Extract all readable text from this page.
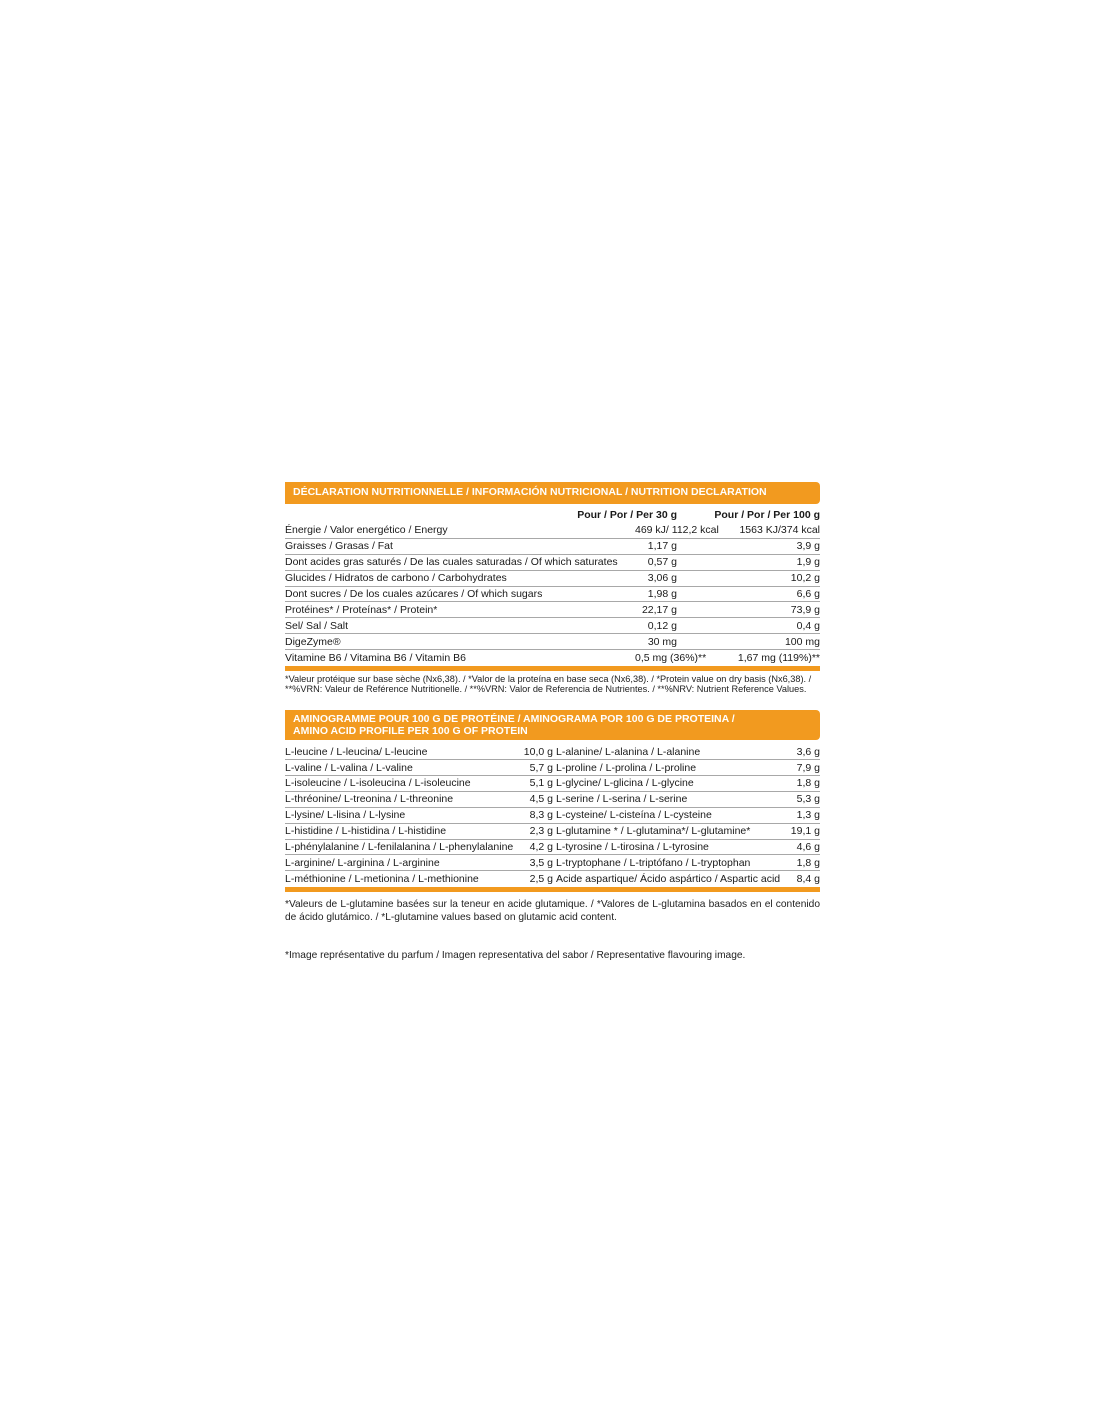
DÉCLARATION NUTRITIONNELLE / INFORMACIÓN NUTRICIONAL / NUTRITION DECLARATION
	Pour / Por / Per 30 g	Pour / Por / Per 100 g
Énergie / Valor energético / Energy	469 kJ/ 112,2 kcal	1563 KJ/374 kcal
Graisses / Grasas / Fat	1,17 g	3,9 g
Dont acides gras saturés / De las cuales saturadas / Of which saturates	0,57 g	1,9 g
Glucides / Hidratos de carbono / Carbohydrates	3,06 g	10,2 g
Dont sucres / De los cuales azúcares / Of which sugars	1,98 g	6,6 g
Protéines* / Proteínas* / Protein*	22,17 g	73,9 g
Sel/ Sal / Salt	0,12 g	0,4 g
DigeZyme®	30 mg	100 mg
Vitamine B6 / Vitamina B6 / Vitamin B6	0,5 mg (36%)**	1,67 mg (119%)**
*Valeur protéique sur base sèche (Nx6,38). / *Valor de la proteína en base seca (Nx6,38). / *Protein value on dry basis (Nx6,38). / **%VRN: Valeur de Reférence Nutritionelle. / **%VRN: Valor de Referencia de Nutrientes. / **%NRV: Nutrient Reference Values.
AMINOGRAMME POUR 100 G DE PROTÉINE / AMINOGRAMA POR 100 G DE PROTEINA /
AMINO ACID PROFILE PER 100 G OF PROTEIN
L-leucine / L-leucina/ L-leucine	10,0 g	L-alanine/ L-alanina / L-alanine	3,6 g
L-valine / L-valina / L-valine	5,7 g	L-proline / L-prolina / L-proline	7,9 g
L-isoleucine / L-isoleucina / L-isoleucine	5,1 g	L-glycine/ L-glicina / L-glycine	1,8 g
L-thréonine/ L-treonina / L-threonine	4,5 g	L-serine / L-serina / L-serine	5,3 g
L-lysine/ L-lisina / L-lysine	8,3 g	L-cysteine/ L-cisteína / L-cysteine	1,3 g
L-histidine / L-histidina / L-histidine	2,3 g	L-glutamine * / L-glutamina*/ L-glutamine*	19,1 g
L-phénylalanine / L-fenilalanina / L-phenylalanine	4,2 g	L-tyrosine / L-tirosina / L-tyrosine	4,6 g
L-arginine/ L-arginina / L-arginine	3,5 g	L-tryptophane / L-triptófano / L-tryptophan	1,8 g
L-méthionine / L-metionina / L-methionine	2,5 g	Acide aspartique/ Ácido aspártico / Aspartic acid	8,4 g
*Valeurs de L-glutamine basées sur la teneur en acide glutamique. / *Valores de L-glutamina basados en el contenido de ácido glutámico. / *L-glutamine values based on glutamic acid content.
*Image représentative du parfum / Imagen representativa del sabor / Representative flavouring image.
